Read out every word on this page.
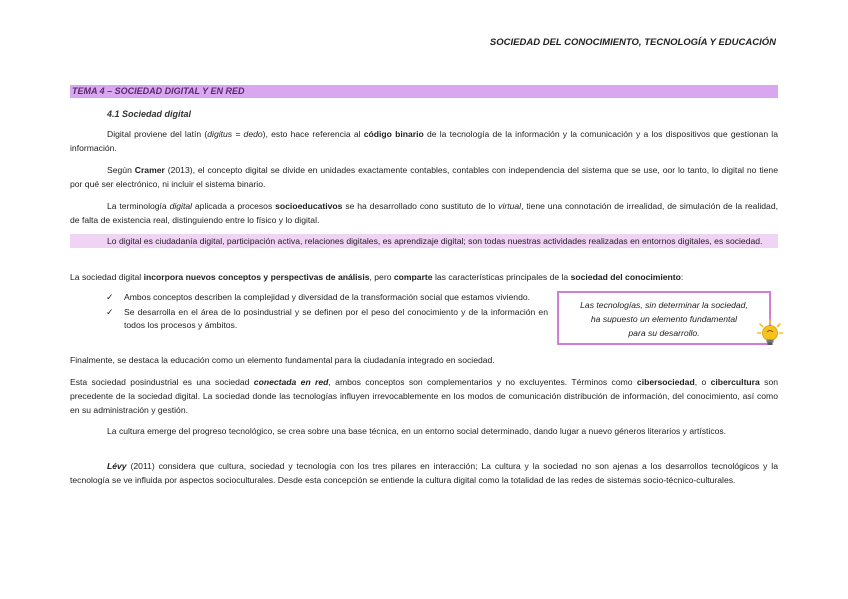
SOCIEDAD DEL CONOCIMIENTO, TECNOLOGÍA Y EDUCACIÓN
TEMA 4 – SOCIEDAD DIGITAL Y EN RED
4.1 Sociedad digital
Digital proviene del latín (digitus = dedo), esto hace referencia al código binario de la tecnología de la información y la comunicación y a los dispositivos que gestionan la información.
Según Cramer (2013), el concepto digital se divide en unidades exactamente contables, contables con independencia del sistema que se use, oor lo tanto, lo digital no tiene por qué ser electrónico, ni incluir el sistema binario.
La terminología digital aplicada a procesos socioeducativos se ha desarrollado cono sustituto de lo virtual, tiene una connotación de irrealidad, de simulación de la realidad, de falta de existencia real, distinguiendo entre lo físico y lo digital.
Lo digital es ciudadanía digital, participación activa, relaciones digitales, es aprendizaje digital; son todas nuestras actividades realizadas en entornos digitales, es sociedad.
La sociedad digital incorpora nuevos conceptos y perspectivas de análisis, pero comparte las características principales de la sociedad del conocimiento:
✓ Ambos conceptos describen la complejidad y diversidad de la transformación social que estamos viviendo.
✓ Se desarrolla en el área de lo posindustrial y se definen por el peso del conocimiento y de la información en todos los procesos y ámbitos.
Las tecnologías, sin determinar la sociedad,
ha supuesto un elemento fundamental
para su desarrollo.
Finalmente, se destaca la educación como un elemento fundamental para la ciudadanía integrado en sociedad.
Esta sociedad posindustrial es una sociedad conectada en red, ambos conceptos son complementarios y no excluyentes. Términos como cibersociedad, o cibercultura son precedente de la sociedad digital. La sociedad donde las tecnologías influyen irrevocablemente en los modos de comunicación distribución de información, del conocimiento, así como en su administración y gestión.
La cultura emerge del progreso tecnológico, se crea sobre una base técnica, en un entorno social determinado, dando lugar a nuevo géneros literarios y artísticos.
Lévy (2011) considera que cultura, sociedad y tecnología con los tres pilares en interacción; La cultura y la sociedad no son ajenas a los desarrollos tecnológicos y la tecnología se ve influida por aspectos socioculturales. Desde esta concepción se entiende la cultura digital como la totalidad de las redes de sistemas socio-técnico-culturales.
